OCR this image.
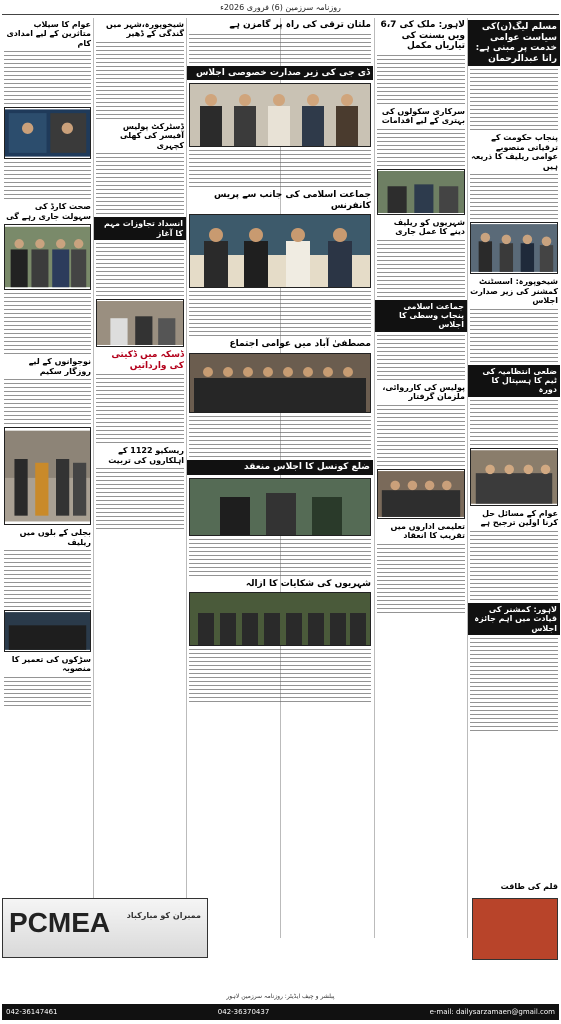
روزنامہ سرزمین (6) فروری 2026ء
مسلم لیگ(ن)کی سیاست عوامی خدمت پر مبنی ہے: رانا عبدالرحمان
پنجاب حکومت کے ترقیاتی منصوبے عوامی ریلیف کا ذریعہ ہیں
شیخوپورہ: اسسٹنٹ کمشنر کی زیر صدارت اجلاس
ضلعی انتظامیہ کی ٹیم کا ہسپتال کا دورہ
عوام کے مسائل حل کرنا اولین ترجیح ہے
لاہور: کمشنر کی قیادت میں اہم جائزہ اجلاس
لاہور: ملک کی 6،7 ویں بسنت کی تیاریاں مکمل
سرکاری سکولوں کی بہتری کے لیے اقدامات
شہریوں کو ریلیف دینے کا عمل جاری
جماعت اسلامی پنجاب وسطی کا اجلاس
پولیس کی کارروائی، ملزمان گرفتار
تعلیمی اداروں میں تقریب کا انعقاد
ملتان ترقی کی راہ پر گامزن ہے
ڈی جی کی زیر صدارت خصوصی اجلاس
جماعت اسلامی کی جانب سے پریس کانفرنس
مصطفیٰ آباد میں عوامی اجتماع
ضلع کونسل کا اجلاس منعقد
شہریوں کی شکایات کا ازالہ
شیخوپورہ،شہر میں گندگی کے ڈھیر
ڈسٹرکٹ پولیس آفیسر کی کھلی کچہری
انسداد تجاوزات مہم کا آغاز
ڈسکہ میں ڈکیتی کی وارداتیں
ریسکیو 1122 کے اہلکاروں کی تربیت
عوام کا سیلاب متاثرین کے لیے امدادی کام
صحت کارڈ کی سہولت جاری رہے گی
نوجوانوں کے لیے روزگار سکیم
بجلی کے بلوں میں ریلیف
سڑکوں کی تعمیر کا منصوبہ
قلم کی طاقت
PCMEA	ممبران کو مبارکباد
پبلشر و چیف ایڈیٹر: روزنامہ سرزمین لاہور
042-36147461	042-36370437	e-mail: dailysarzamaen@gmail.com
